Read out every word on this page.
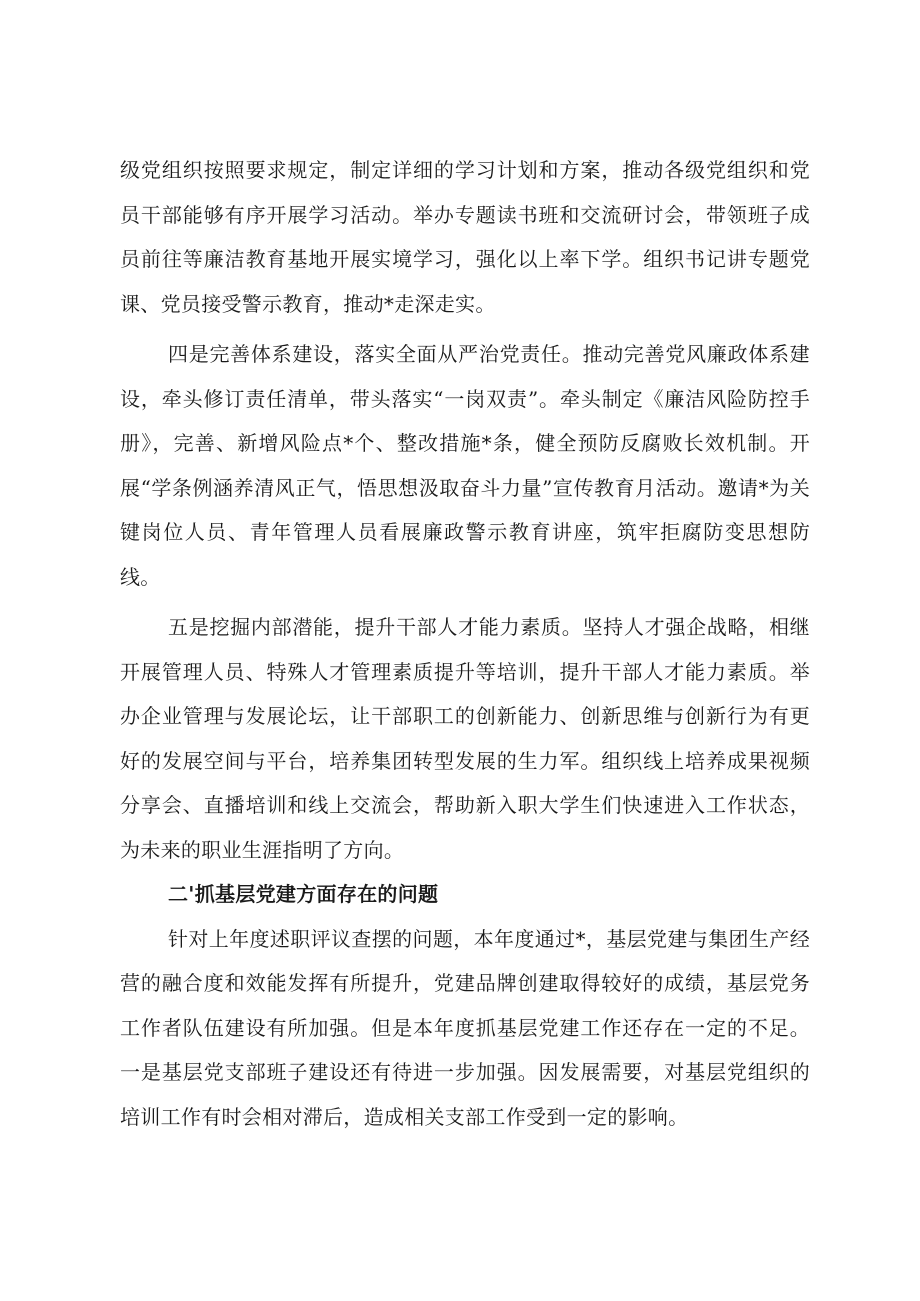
级党组织按照要求规定，制定详细的学习计划和方案，推动各级党组织和党员干部能够有序开展学习活动。举办专题读书班和交流研讨会，带领班子成员前往等廉洁教育基地开展实境学习，强化以上率下学。组织书记讲专题党课、党员接受警示教育，推动*走深走实。

四是完善体系建设，落实全面从严治党责任。推动完善党风廉政体系建设，牵头修订责任清单，带头落实“一岗双责”。牵头制定《廉洁风险防控手册》，完善、新增风险点*个、整改措施*条，健全预防反腐败长效机制。开展“学条例涵养清风正气，悟思想汲取奋斗力量”宣传教育月活动。邀请*为关键岗位人员、青年管理人员看展廉政警示教育讲座，筑牢拒腐防变思想防线。

五是挖掘内部潜能，提升干部人才能力素质。坚持人才强企战略，相继开展管理人员、特殊人才管理素质提升等培训，提升干部人才能力素质。举办企业管理与发展论坛，让干部职工的创新能力、创新思维与创新行为有更好的发展空间与平台，培养集团转型发展的生力军。组织线上培养成果视频分享会、直播培训和线上交流会，帮助新入职大学生们快速进入工作状态，为未来的职业生涯指明了方向。

二'抓基层党建方面存在的问题

针对上年度述职评议查摆的问题，本年度通过*，基层党建与集团生产经营的融合度和效能发挥有所提升，党建品牌创建取得较好的成绩，基层党务工作者队伍建设有所加强。但是本年度抓基层党建工作还存在一定的不足。一是基层党支部班子建设还有待进一步加强。因发展需要，对基层党组织的培训工作有时会相对滞后，造成相关支部工作受到一定的影响。
